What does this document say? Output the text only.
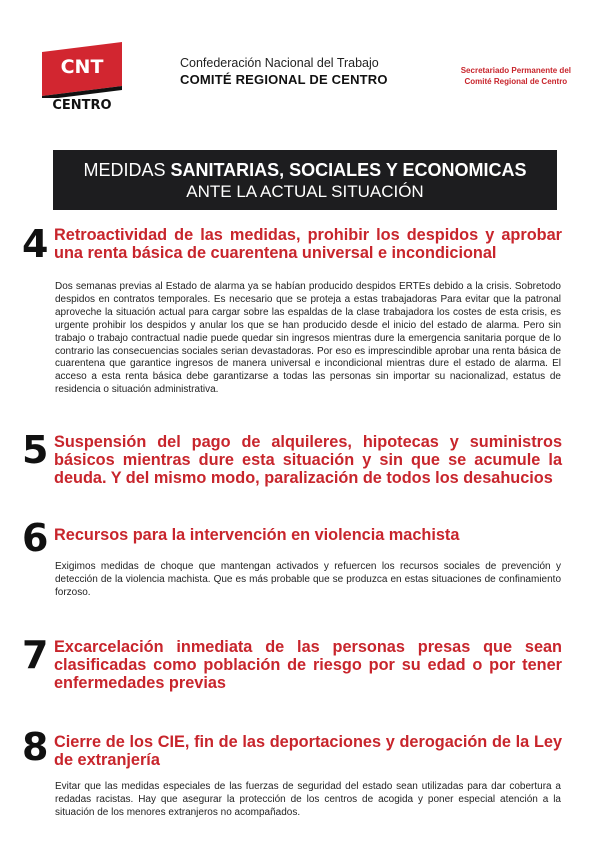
CNT
CENTRO
Confederación Nacional del Trabajo
COMITÉ REGIONAL DE CENTRO
Secretariado Permanente del
Comité Regional de Centro
MEDIDAS SANITARIAS, SOCIALES Y ECONOMICAS
ANTE LA ACTUAL SITUACIÓN
4 Retroactividad de las medidas, prohibir los despidos y aprobar una renta básica de cuarentena universal e incondicional
Dos semanas previas al Estado de alarma ya se habían producido despidos ERTEs debido a la crisis. Sobretodo despidos en contratos temporales. Es necesario que se proteja a estas trabajadoras Para evitar que la patronal aproveche la situación actual para cargar sobre las espaldas de la clase trabajadora los costes de esta crisis, es urgente prohibir los despidos y anular los que se han producido desde el inicio del estado de alarma. Pero sin trabajo o trabajo contractual nadie puede quedar sin ingresos mientras dure la emergencia sanitaria porque de lo contrario las consecuencias sociales serian devastadoras. Por eso es imprescindible aprobar una renta básica de cuarentena que garantice ingresos de manera universal e incondicional mientras dure el estado de alarma. El acceso a esta renta básica debe garantizarse a todas las personas sin importar su nacionalizad, estatus de residencia o situación administrativa.
5 Suspensión del pago de alquileres, hipotecas y suministros básicos mientras dure esta situación y sin que se acumule la deuda. Y del mismo modo, paralización de todos los desahucios
6 Recursos para la intervención en violencia machista
Exigimos medidas de choque que mantengan activados y refuercen los recursos sociales de prevención y detección de la violencia machista. Que es más probable que se produzca en estas situaciones de confinamiento forzoso.
7 Excarcelación inmediata de las personas presas que sean clasificadas como población de riesgo por su edad o por tener enfermedades previas
8 Cierre de los CIE, fin de las deportaciones y derogación de la Ley de extranjería
Evitar que las medidas especiales de las fuerzas de seguridad del estado sean utilizadas para dar cobertura a redadas racistas. Hay que asegurar la protección de los centros de acogida y poner especial atención a la situación de los menores extranjeros no acompañados.
